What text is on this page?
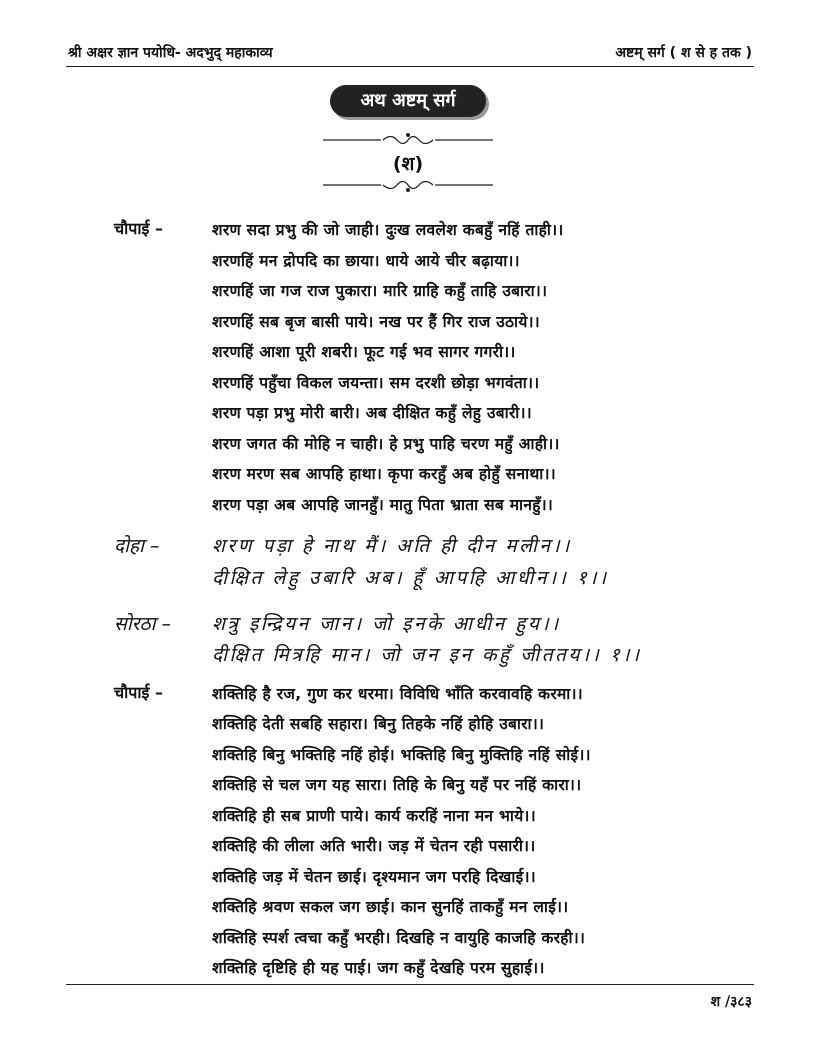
श्री अक्षर ज्ञान पयोधि- अदभुद् महाकाव्य	अष्टम् सर्ग ( श से ह तक )
अथ अष्टम् सर्ग
(श)
चौपाई –	शरण सदा प्रभु की जो जाही। दुःख लवलेश कबहुँ नहिं ताही।।
शरणहिं मन द्रोपदि का छाया। धाये आये चीर बढ़ाया।।
शरणहिं जा गज राज पुकारा। मारि ग्राहि कहुँ ताहि उबारा।।
शरणहिं सब बृज बासी पाये। नख पर हैं गिर राज उठाये।।
शरणहिं आशा पूरी शबरी। फूट गई भव सागर गगरी।।
शरणहिं पहुँचा विकल जयन्ता। सम दरशी छोड़ा भगवंता।।
शरण पड़ा प्रभु मोरी बारी। अब दीक्षित कहुँ लेहु उबारी।।
शरण जगत की मोहि न चाही। हे प्रभु पाहि चरण महुँ आही।।
शरण मरण सब आपहि हाथा। कृपा करहुँ अब होहुँ सनाथा।।
शरण पड़ा अब आपहि जानहुँ। मातु पिता भ्राता सब मानहुँ।।
दोहा –	शरण पड़ा हे नाथ मैं। अति ही दीन मलीन।।
दीक्षित लेहु उबारि अब। हूँ आपहि आधीन।। १।।
सोरठा – शत्रु इन्द्रियन जान। जो इनके आधीन हुय।।
दीक्षित मित्रहि मान। जो जन इन कहुँ जीततय।। १।।
चौपाई –	शक्तिहि है रज, गुण कर धरमा। विविधि भाँति करवावहि करमा।।
शक्तिहि देती सबहि सहारा। बिनु तिहके नहिं होहि उबारा।।
शक्तिहि बिनु भक्तिहि नहिं होई। भक्तिहि बिनु मुक्तिहि नहिं सोई।।
शक्तिहि से चल जग यह सारा। तिहि के बिनु यहँ पर नहिं कारा।।
शक्तिहि ही सब प्राणी पाये। कार्य करहिं नाना मन भाये।।
शक्तिहि की लीला अति भारी। जड़ में चेतन रही पसारी।।
शक्तिहि जड़ में चेतन छाई। दृश्यमान जग परहि दिखाई।।
शक्तिहि श्रवण सकल जग छाई। कान सुनहिं ताकहुँ मन लाई।।
शक्तिहि स्पर्श त्वचा कहुँ भरही। दिखहि न वायुहि काजहि करही।।
शक्तिहि दृष्टिहि ही यह पाई। जग कहुँ देखहि परम सुहाई।।
श /३८३
